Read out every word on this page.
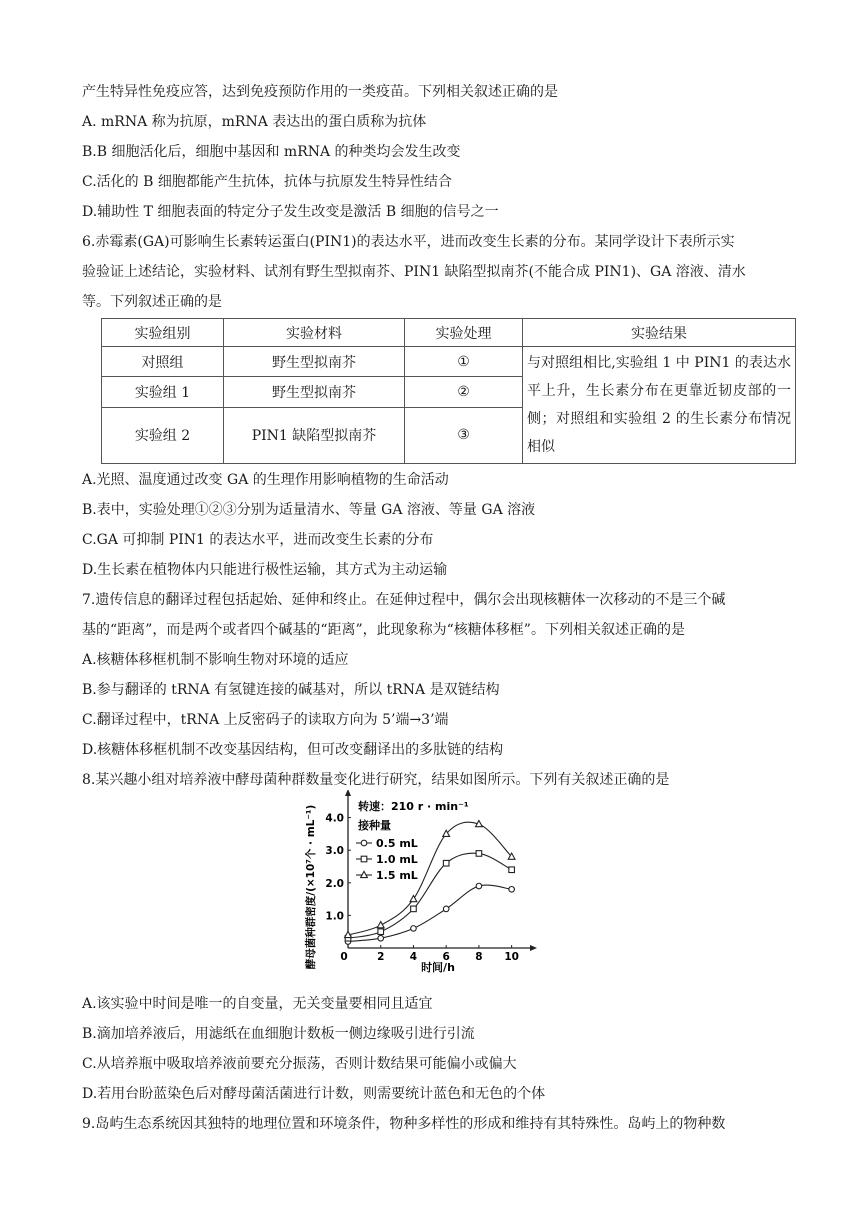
产生特异性免疫应答，达到免疫预防作用的一类疫苗。下列相关叙述正确的是
A. mRNA 称为抗原，mRNA 表达出的蛋白质称为抗体
B.B 细胞活化后，细胞中基因和 mRNA 的种类均会发生改变
C.活化的 B 细胞都能产生抗体，抗体与抗原发生特异性结合
D.辅助性 T 细胞表面的特定分子发生改变是激活 B 细胞的信号之一
6.赤霉素(GA)可影响生长素转运蛋白(PIN1)的表达水平，进而改变生长素的分布。某同学设计下表所示实
验验证上述结论，实验材料、试剂有野生型拟南芥、PIN1 缺陷型拟南芥(不能合成 PIN1)、GA 溶液、清水
等。下列叙述正确的是
实验组别	实验材料	实验处理	实验结果
对照组	野生型拟南芥	①	与对照组相比,实验组 1 中 PIN1 的表达水平上升，生长素分布在更靠近韧皮部的一侧；对照组和实验组 2 的生长素分布情况相似
实验组 1	野生型拟南芥	②	
实验组 2	PIN1 缺陷型拟南芥	③	
A.光照、温度通过改变 GA 的生理作用影响植物的生命活动
B.表中，实验处理①②③分别为适量清水、等量 GA 溶液、等量 GA 溶液
C.GA 可抑制 PIN1 的表达水平，进而改变生长素的分布
D.生长素在植物体内只能进行极性运输，其方式为主动运输
7.遗传信息的翻译过程包括起始、延伸和终止。在延伸过程中，偶尔会出现核糖体一次移动的不是三个碱
基的“距离”，而是两个或者四个碱基的“距离”，此现象称为“核糖体移框”。下列相关叙述正确的是
A.核糖体移框机制不影响生物对环境的适应
B.参与翻译的 tRNA 有氢键连接的碱基对，所以 tRNA 是双链结构
C.翻译过程中，tRNA 上反密码子的读取方向为 5’端→3’端
D.核糖体移框机制不改变基因结构，但可改变翻译出的多肽链的结构
8.某兴趣小组对培养液中酵母菌种群数量变化进行研究，结果如图所示。下列有关叙述正确的是
酵母菌种群密度/(×10⁷个 · mL⁻¹)	转速：210 r · min⁻¹
接种量
时间/h
0	2 4 6 8 10
1.0
2.0
3.0
4.0
0.5 mL
1.0 mL
1.5 mL
A.该实验中时间是唯一的自变量，无关变量要相同且适宜
B.滴加培养液后，用滤纸在血细胞计数板一侧边缘吸引进行引流
C.从培养瓶中吸取培养液前要充分振荡，否则计数结果可能偏小或偏大
D.若用台盼蓝染色后对酵母菌活菌进行计数，则需要统计蓝色和无色的个体
9.岛屿生态系统因其独特的地理位置和环境条件，物种多样性的形成和维持有其特殊性。岛屿上的物种数
